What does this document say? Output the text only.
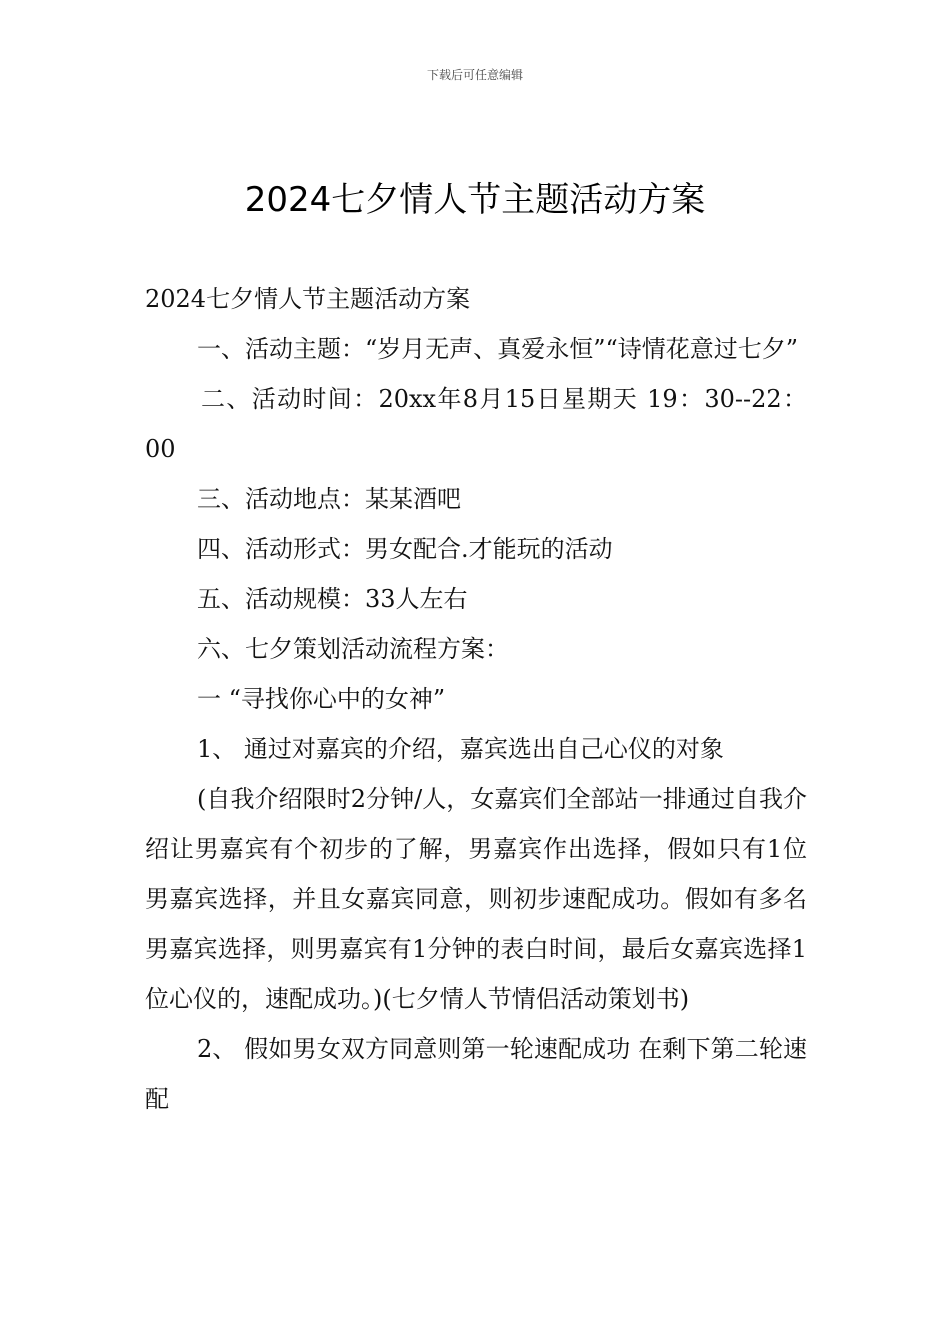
下载后可任意编辑
2024七夕情人节主题活动方案

2024七夕情人节主题活动方案

一、活动主题：“岁月无声、真爱永恒”“诗情花意过七夕”

二、活动时间：20xx年8月15日星期天 19：30--22：00

三、活动地点：某某酒吧

四、活动形式：男女配合.才能玩的活动

五、活动规模：33人左右

六、七夕策划活动流程方案：

一 “寻找你心中的女神”

1、 通过对嘉宾的介绍，嘉宾选出自己心仪的对象

(自我介绍限时2分钟/人，女嘉宾们全部站一排通过自我介绍让男嘉宾有个初步的了解，男嘉宾作出选择，假如只有1位男嘉宾选择，并且女嘉宾同意，则初步速配成功。假如有多名男嘉宾选择，则男嘉宾有1分钟的表白时间，最后女嘉宾选择1位心仪的，速配成功。)(七夕情人节情侣活动策划书)

2、 假如男女双方同意则第一轮速配成功 在剩下第二轮速配
